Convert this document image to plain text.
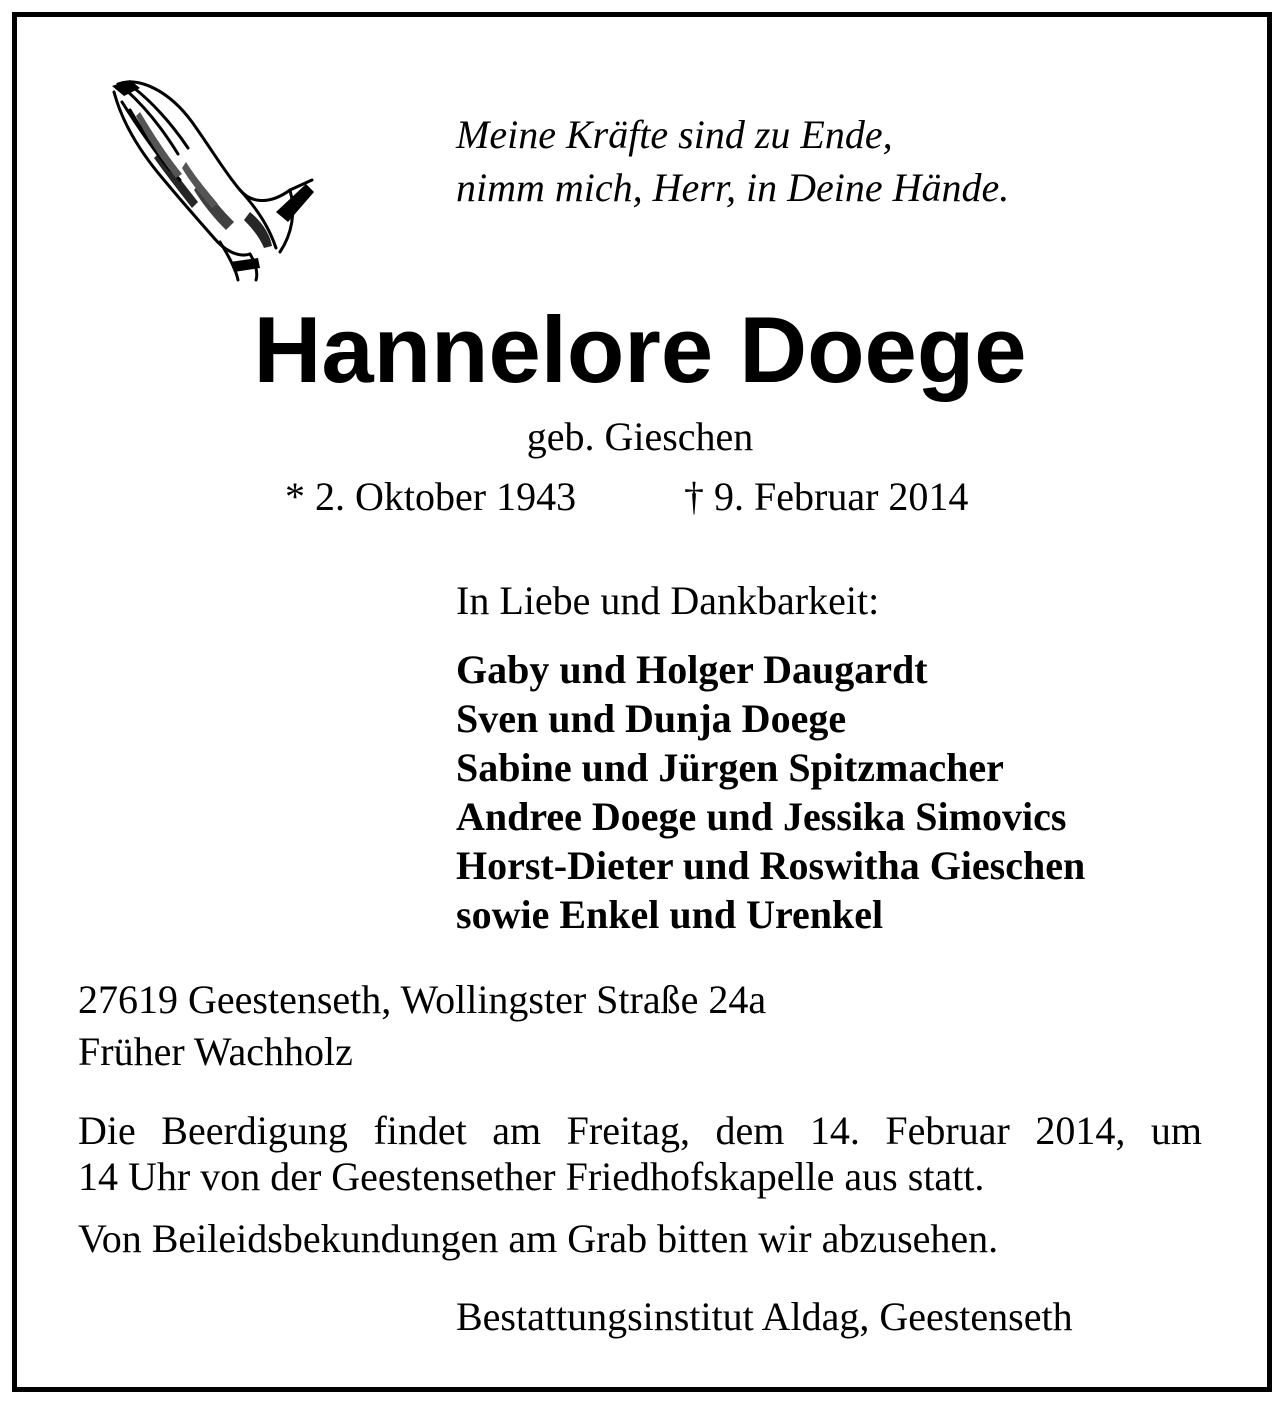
Meine Kräfte sind zu Ende,
nimm mich, Herr, in Deine Hände.
Hannelore Doege
geb. Gieschen
* 2. Oktober 1943	† 9. Februar 2014
In Liebe und Dankbarkeit:
Gaby und Holger Daugardt
Sven und Dunja Doege
Sabine und Jürgen Spitzmacher
Andree Doege und Jessika Simovics
Horst-Dieter und Roswitha Gieschen
sowie Enkel und Urenkel
27619 Geestenseth, Wollingster Straße 24a
Früher Wachholz
Die Beerdigung findet am Freitag, dem 14. Februar 2014, um
14 Uhr von der Geestensether Friedhofskapelle aus statt.
Von Beileidsbekundungen am Grab bitten wir abzusehen.
Bestattungsinstitut Aldag, Geestenseth
